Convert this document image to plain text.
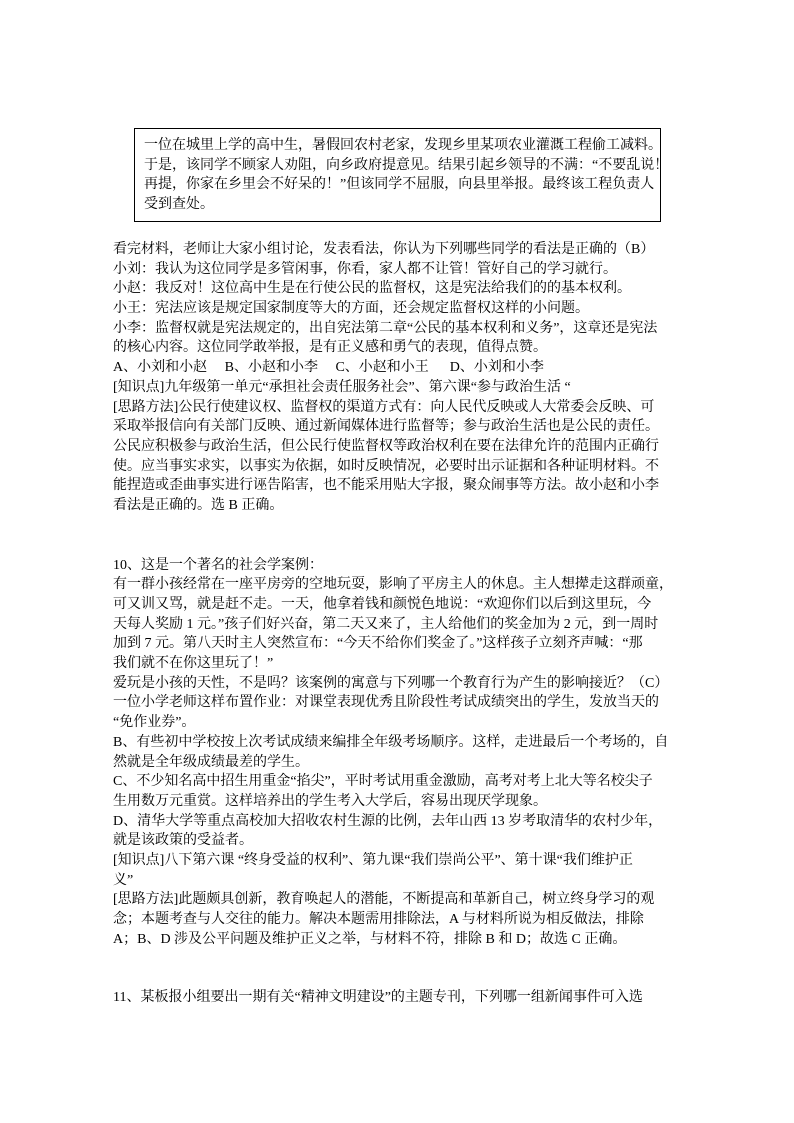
一位在城里上学的高中生，暑假回农村老家，发现乡里某项农业灌溉工程偷工减料。
于是，该同学不顾家人劝阻，向乡政府提意见。结果引起乡领导的不满：“不要乱说！
再提，你家在乡里会不好呆的！”但该同学不屈服，向县里举报。最终该工程负责人
受到查处。
看完材料，老师让大家小组讨论，发表看法，你认为下列哪些同学的看法是正确的（B）
小刘：我认为这位同学是多管闲事，你看，家人都不让管！管好自己的学习就行。
小赵：我反对！这位高中生是在行使公民的监督权，这是宪法给我们的的基本权利。
小王：宪法应该是规定国家制度等大的方面，还会规定监督权这样的小问题。
小李：监督权就是宪法规定的，出自宪法第二章“公民的基本权利和义务”，这章还是宪法
的核心内容。这位同学敢举报，是有正义感和勇气的表现，值得点赞。
A、小刘和小赵     B、小赵和小李     C、小赵和小王      D、小刘和小李
[知识点]九年级第一单元“承担社会责任服务社会”、第六课“参与政治生活 “
[思路方法]公民行使建议权、监督权的渠道方式有：向人民代反映或人大常委会反映、可
采取举报信向有关部门反映、通过新闻媒体进行监督等；参与政治生活也是公民的责任。
公民应积极参与政治生活，但公民行使监督权等政治权利在要在法律允许的范围内正确行
使。应当事实求实，以事实为依据，如时反映情况，必要时出示证据和各种证明材料。不
能捏造或歪曲事实进行诬告陷害，也不能采用贴大字报，聚众闹事等方法。故小赵和小李
看法是正确的。选 B 正确。
10、这是一个著名的社会学案例：
有一群小孩经常在一座平房旁的空地玩耍，影响了平房主人的休息。主人想撵走这群顽童，
可又训又骂，就是赶不走。一天，他拿着钱和颜悦色地说：“欢迎你们以后到这里玩，今
天每人奖励 1 元。”孩子们好兴奋，第二天又来了，主人给他们的奖金加为 2 元，到一周时
加到 7 元。第八天时主人突然宣布：“今天不给你们奖金了。”这样孩子立刻齐声喊：“那
我们就不在你这里玩了！”
爱玩是小孩的天性，不是吗？该案例的寓意与下列哪一个教育行为产生的影响接近？（C）
一位小学老师这样布置作业：对课堂表现优秀且阶段性考试成绩突出的学生，发放当天的
“免作业券”。
B、有些初中学校按上次考试成绩来编排全年级考场顺序。这样，走进最后一个考场的，自
然就是全年级成绩最差的学生。
C、不少知名高中招生用重金“掐尖”，平时考试用重金激励，高考对考上北大等名校尖子
生用数万元重赏。这样培养出的学生考入大学后，容易出现厌学现象。
D、清华大学等重点高校加大招收农村生源的比例，去年山西 13 岁考取清华的农村少年，
就是该政策的受益者。
[知识点]八下第六课 “终身受益的权利”、第九课“我们崇尚公平”、第十课“我们维护正
义”
[思路方法]此题颇具创新，教育唤起人的潜能，不断提高和革新自己，树立终身学习的观
念；本题考查与人交往的能力。解决本题需用排除法，A 与材料所说为相反做法，排除
A；B、D 涉及公平问题及维护正义之举，与材料不符，排除 B 和 D；故选 C 正确。
11、某板报小组要出一期有关“精神文明建设”的主题专刊，下列哪一组新闻事件可入选
